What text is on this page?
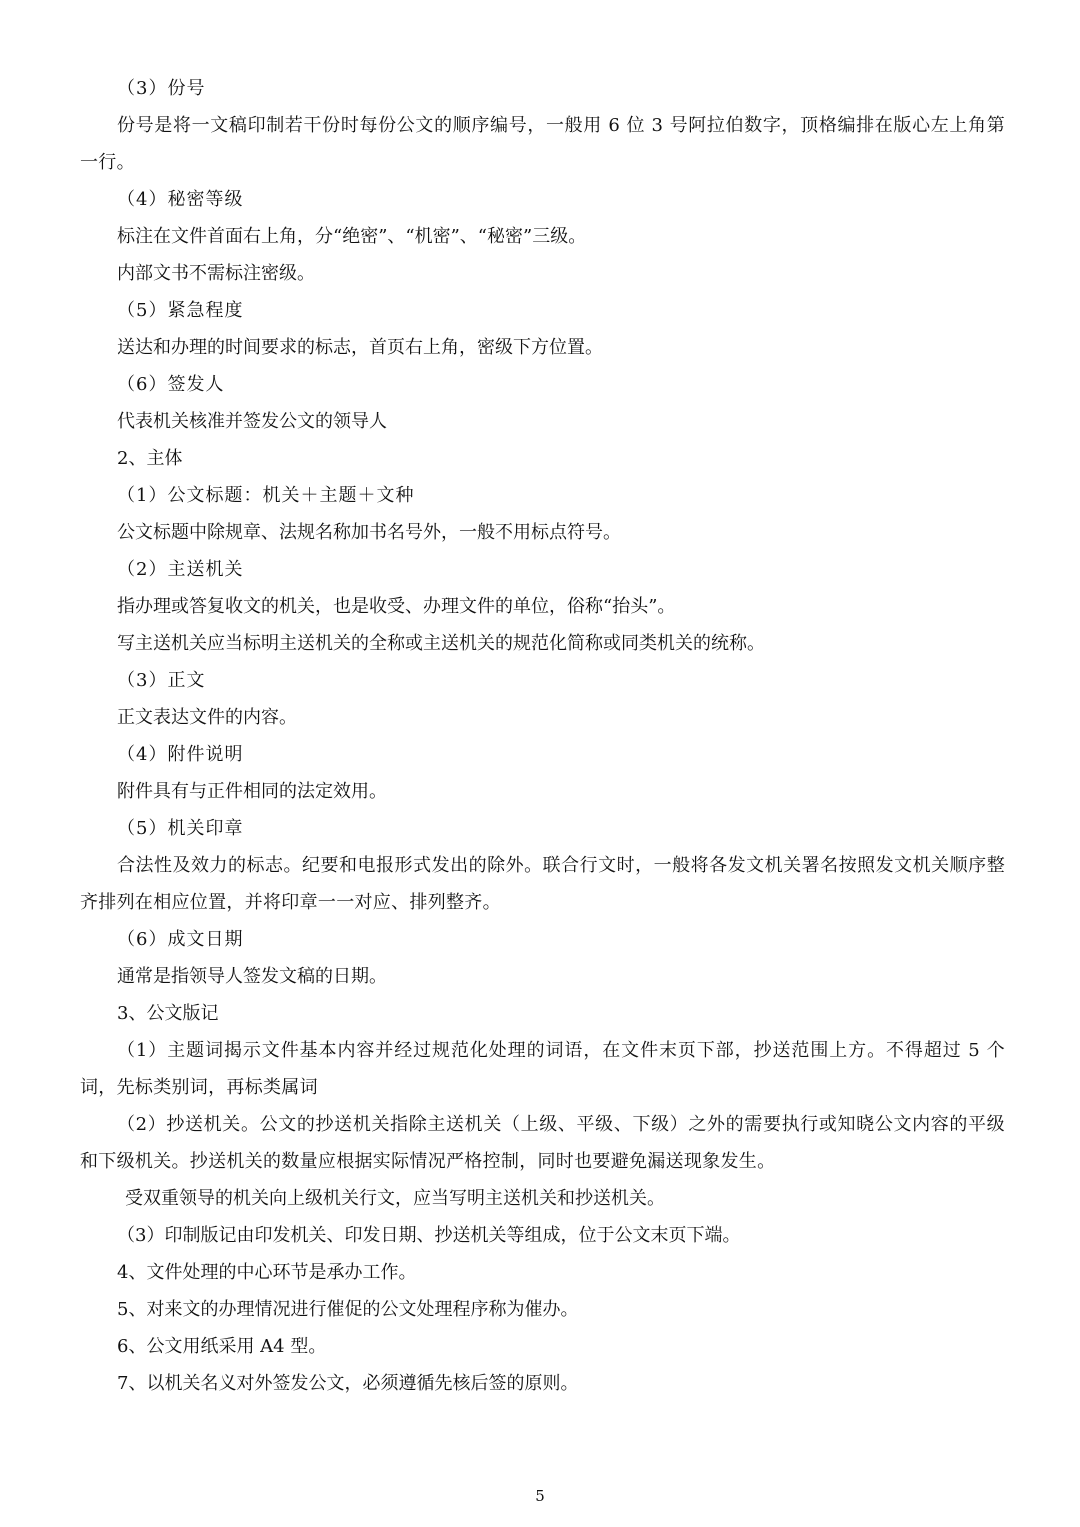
（3）份号

份号是将一文稿印制若干份时每份公文的顺序编号，一般用 6 位 3 号阿拉伯数字，顶格编排在版心左上角第一行。

（4）秘密等级

标注在文件首面右上角，分“绝密”、“机密”、“秘密”三级。

内部文书不需标注密级。

（5）紧急程度

送达和办理的时间要求的标志，首页右上角，密级下方位置。

（6）签发人

代表机关核准并签发公文的领导人

2、主体

（1）公文标题：机关＋主题＋文种

公文标题中除规章、法规名称加书名号外，一般不用标点符号。

（2）主送机关

指办理或答复收文的机关，也是收受、办理文件的单位，俗称“抬头”。

写主送机关应当标明主送机关的全称或主送机关的规范化简称或同类机关的统称。

（3）正文

正文表达文件的内容。

（4）附件说明

附件具有与正件相同的法定效用。

（5）机关印章

合法性及效力的标志。纪要和电报形式发出的除外。联合行文时，一般将各发文机关署名按照发文机关顺序整齐排列在相应位置，并将印章一一对应、排列整齐。

（6）成文日期

通常是指领导人签发文稿的日期。

3、公文版记

（1）主题词揭示文件基本内容并经过规范化处理的词语，在文件末页下部，抄送范围上方。不得超过 5 个词，先标类别词，再标类属词

（2）抄送机关。公文的抄送机关指除主送机关（上级、平级、下级）之外的需要执行或知晓公文内容的平级和下级机关。抄送机关的数量应根据实际情况严格控制，同时也要避免漏送现象发生。

受双重领导的机关向上级机关行文，应当写明主送机关和抄送机关。

（3）印制版记由印发机关、印发日期、抄送机关等组成，位于公文末页下端。

4、文件处理的中心环节是承办工作。

5、对来文的办理情况进行催促的公文处理程序称为催办。

6、公文用纸采用 A4 型。

7、以机关名义对外签发公文，必须遵循先核后签的原则。

5
